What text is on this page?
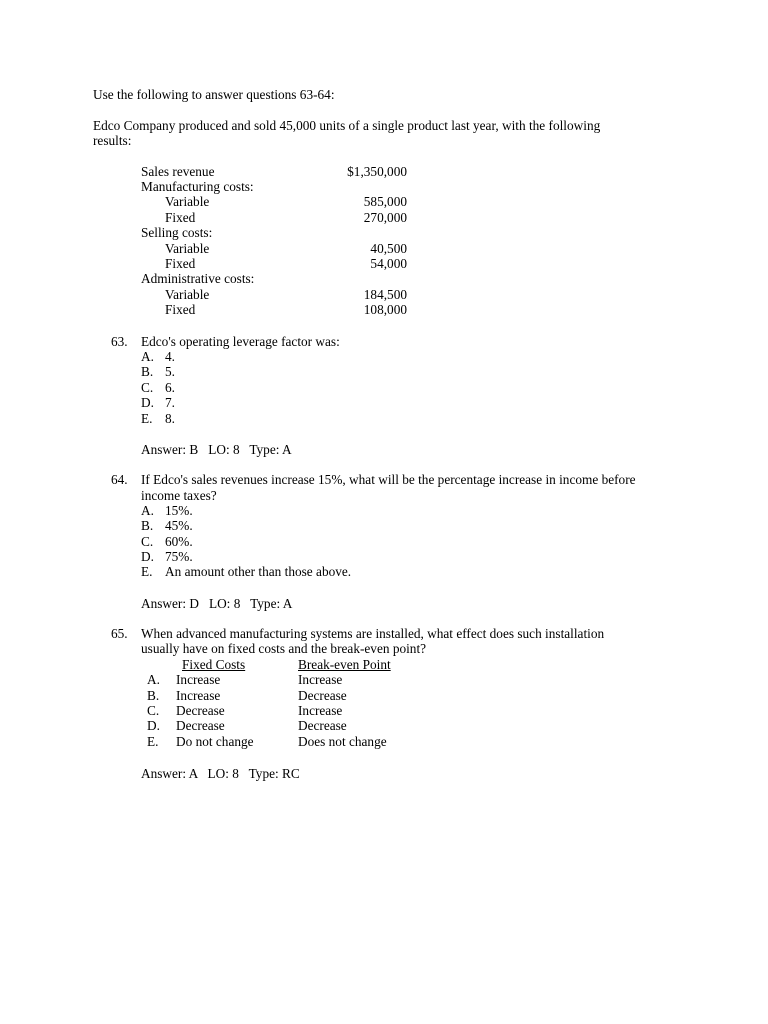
Use the following to answer questions 63-64:
Edco Company produced and sold 45,000 units of a single product last year, with the following
results:
Sales revenue	$1,350,000
Manufacturing costs:
Variable	585,000
Fixed	270,000
Selling costs:
Variable	40,500
Fixed	54,000
Administrative costs:
Variable	184,500
Fixed	108,000
63. Edco's operating leverage factor was:
A. 4.
B. 5.
C. 6.
D. 7.
E. 8.
Answer: B   LO: 8   Type: A
64. If Edco's sales revenues increase 15%, what will be the percentage increase in income before
income taxes?
A. 15%.
B. 45%.
C. 60%.
D. 75%.
E. An amount other than those above.
Answer: D   LO: 8   Type: A
65. When advanced manufacturing systems are installed, what effect does such installation
usually have on fixed costs and the break-even point?
Fixed Costs	Break-even Point
A. Increase	Increase
B. Increase	Decrease
C. Decrease	Increase
D. Decrease	Decrease
E. Do not change	Does not change
Answer: A   LO: 8   Type: RC
